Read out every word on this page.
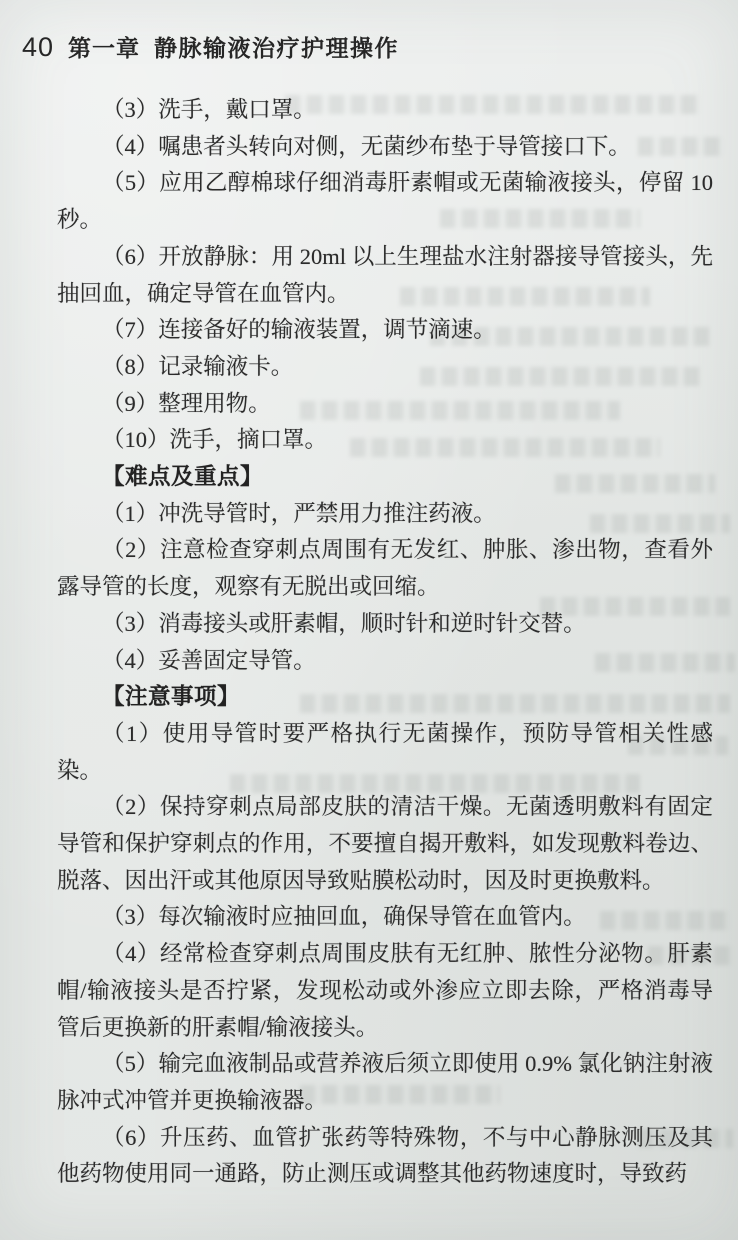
40 第一章 静脉输液治疗护理操作

（3）洗手，戴口罩。

（4）嘱患者头转向对侧，无菌纱布垫于导管接口下。

（5）应用乙醇棉球仔细消毒肝素帽或无菌输液接头，停留 10 秒。

（6）开放静脉：用 20ml 以上生理盐水注射器接导管接头，先抽回血，确定导管在血管内。

（7）连接备好的输液装置，调节滴速。

（8）记录输液卡。

（9）整理用物。

（10）洗手，摘口罩。

【难点及重点】

（1）冲洗导管时，严禁用力推注药液。

（2）注意检查穿刺点周围有无发红、肿胀、渗出物，查看外露导管的长度，观察有无脱出或回缩。

（3）消毒接头或肝素帽，顺时针和逆时针交替。

（4）妥善固定导管。

【注意事项】

（1）使用导管时要严格执行无菌操作，预防导管相关性感染。

（2）保持穿刺点局部皮肤的清洁干燥。无菌透明敷料有固定导管和保护穿刺点的作用，不要擅自揭开敷料，如发现敷料卷边、脱落、因出汗或其他原因导致贴膜松动时，因及时更换敷料。

（3）每次输液时应抽回血，确保导管在血管内。

（4）经常检查穿刺点周围皮肤有无红肿、脓性分泌物。肝素帽/输液接头是否拧紧，发现松动或外渗应立即去除，严格消毒导管后更换新的肝素帽/输液接头。

（5）输完血液制品或营养液后须立即使用 0.9% 氯化钠注射液脉冲式冲管并更换输液器。

（6）升压药、血管扩张药等特殊物，不与中心静脉测压及其他药物使用同一通路，防止测压或调整其他药物速度时，导致药
